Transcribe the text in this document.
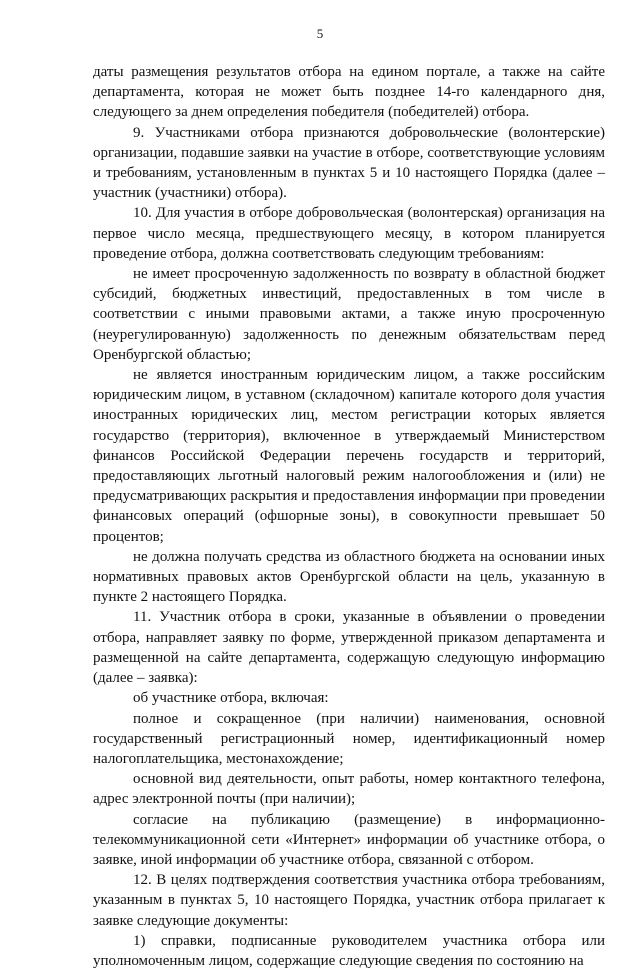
5

даты размещения результатов отбора на едином портале, а также на сайте департамента, которая не может быть позднее 14-го календарного дня, следующего за днем определения победителя (победителей) отбора.

9. Участниками отбора признаются добровольческие (волонтерские) организации, подавшие заявки на участие в отборе, соответствующие условиям и требованиям, установленным в пунктах 5 и 10 настоящего Порядка (далее – участник (участники) отбора).

10. Для участия в отборе добровольческая (волонтерская) организация на первое число месяца, предшествующего месяцу, в котором планируется проведение отбора, должна соответствовать следующим требованиям:

не имеет просроченную задолженность по возврату в областной бюджет субсидий, бюджетных инвестиций, предоставленных в том числе в соответствии с иными правовыми актами, а также иную просроченную (неурегулированную) задолженность по денежным обязательствам перед Оренбургской областью;

не является иностранным юридическим лицом, а также российским юридическим лицом, в уставном (складочном) капитале которого доля участия иностранных юридических лиц, местом регистрации которых является государство (территория), включенное в утверждаемый Министерством финансов Российской Федерации перечень государств и территорий, предоставляющих льготный налоговый режим налогообложения и (или) не предусматривающих раскрытия и предоставления информации при проведении финансовых операций (офшорные зоны), в совокупности превышает 50 процентов;

не должна получать средства из областного бюджета на основании иных нормативных правовых актов Оренбургской области на цель, указанную в пункте 2 настоящего Порядка.

11. Участник отбора в сроки, указанные в объявлении о проведении отбора, направляет заявку по форме, утвержденной приказом департамента и размещенной на сайте департамента, содержащую следующую информацию (далее – заявка):

об участнике отбора, включая:

полное и сокращенное (при наличии) наименования, основной государственный регистрационный номер, идентификационный номер налогоплательщика, местонахождение;

основной вид деятельности, опыт работы, номер контактного телефона, адрес электронной почты (при наличии);

согласие на публикацию (размещение) в информационно-телекоммуникационной сети «Интернет» информации об участнике отбора, о заявке, иной информации об участнике отбора, связанной с отбором.

12. В целях подтверждения соответствия участника отбора требованиям, указанным в пунктах 5, 10 настоящего Порядка, участник отбора прилагает к заявке следующие документы:

1) справки, подписанные руководителем участника отбора или уполномоченным лицом, содержащие следующие сведения по состоянию на
